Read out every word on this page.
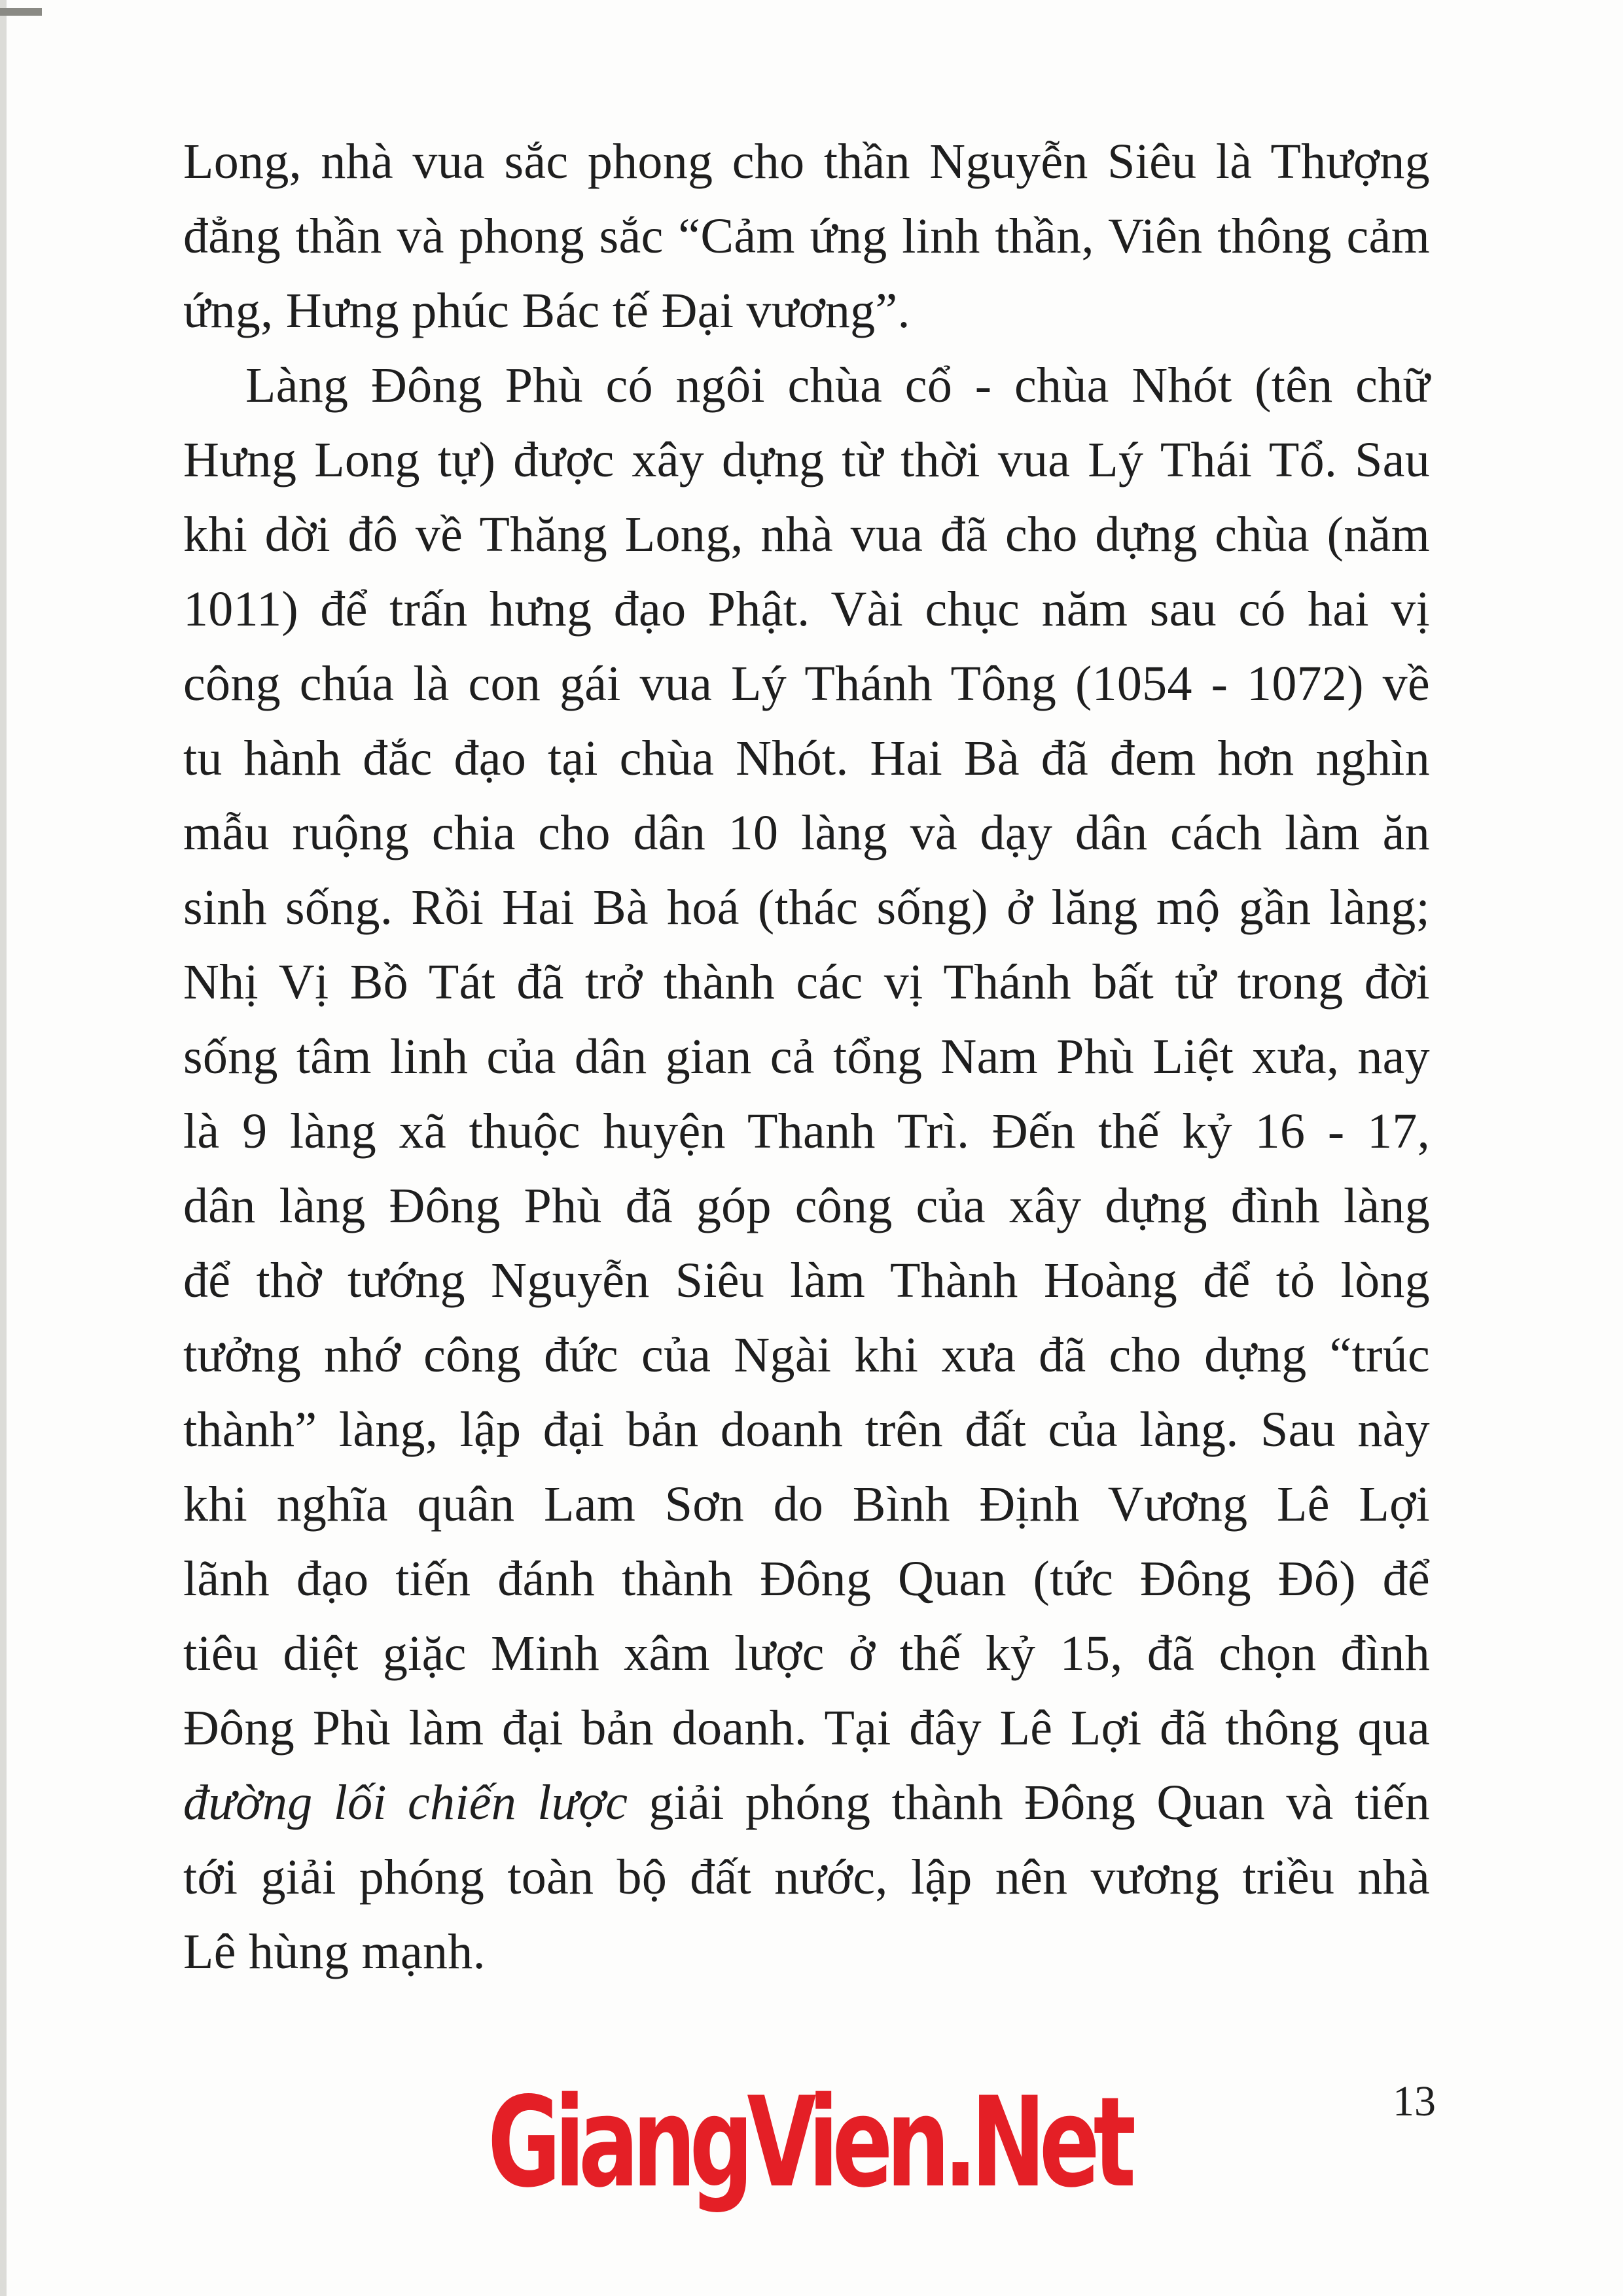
Long, nhà vua sắc phong cho thần Nguyễn Siêu là Thượng
đẳng thần và phong sắc “Cảm ứng linh thần, Viên thông cảm
ứng, Hưng phúc Bác tế Đại vương”.
Làng Đông Phù có ngôi chùa cổ - chùa Nhót (tên chữ
Hưng Long tự) được xây dựng từ thời vua Lý Thái Tổ. Sau
khi dời đô về Thăng Long, nhà vua đã cho dựng chùa (năm
1011) để trấn hưng đạo Phật. Vài chục năm sau có hai vị
công chúa là con gái vua Lý Thánh Tông (1054 - 1072) về
tu hành đắc đạo tại chùa Nhót. Hai Bà đã đem hơn nghìn
mẫu ruộng chia cho dân 10 làng và dạy dân cách làm ăn
sinh sống. Rồi Hai Bà hoá (thác sống) ở lăng mộ gần làng;
Nhị Vị Bồ Tát đã trở thành các vị Thánh bất tử trong đời
sống tâm linh của dân gian cả tổng Nam Phù Liệt xưa, nay
là 9 làng xã thuộc huyện Thanh Trì. Đến thế kỷ 16 - 17,
dân làng Đông Phù đã góp công của xây dựng đình làng
để thờ tướng Nguyễn Siêu làm Thành Hoàng để tỏ lòng
tưởng nhớ công đức của Ngài khi xưa đã cho dựng “trúc
thành” làng, lập đại bản doanh trên đất của làng. Sau này
khi nghĩa quân Lam Sơn do Bình Định Vương Lê Lợi
lãnh đạo tiến đánh thành Đông Quan (tức Đông Đô) để
tiêu diệt giặc Minh xâm lược ở thế kỷ 15, đã chọn đình
Đông Phù làm đại bản doanh. Tại đây Lê Lợi đã thông qua
đường lối chiến lược giải phóng thành Đông Quan và tiến
tới giải phóng toàn bộ đất nước, lập nên vương triều nhà
Lê hùng mạnh.
GiangVien.Net	13
